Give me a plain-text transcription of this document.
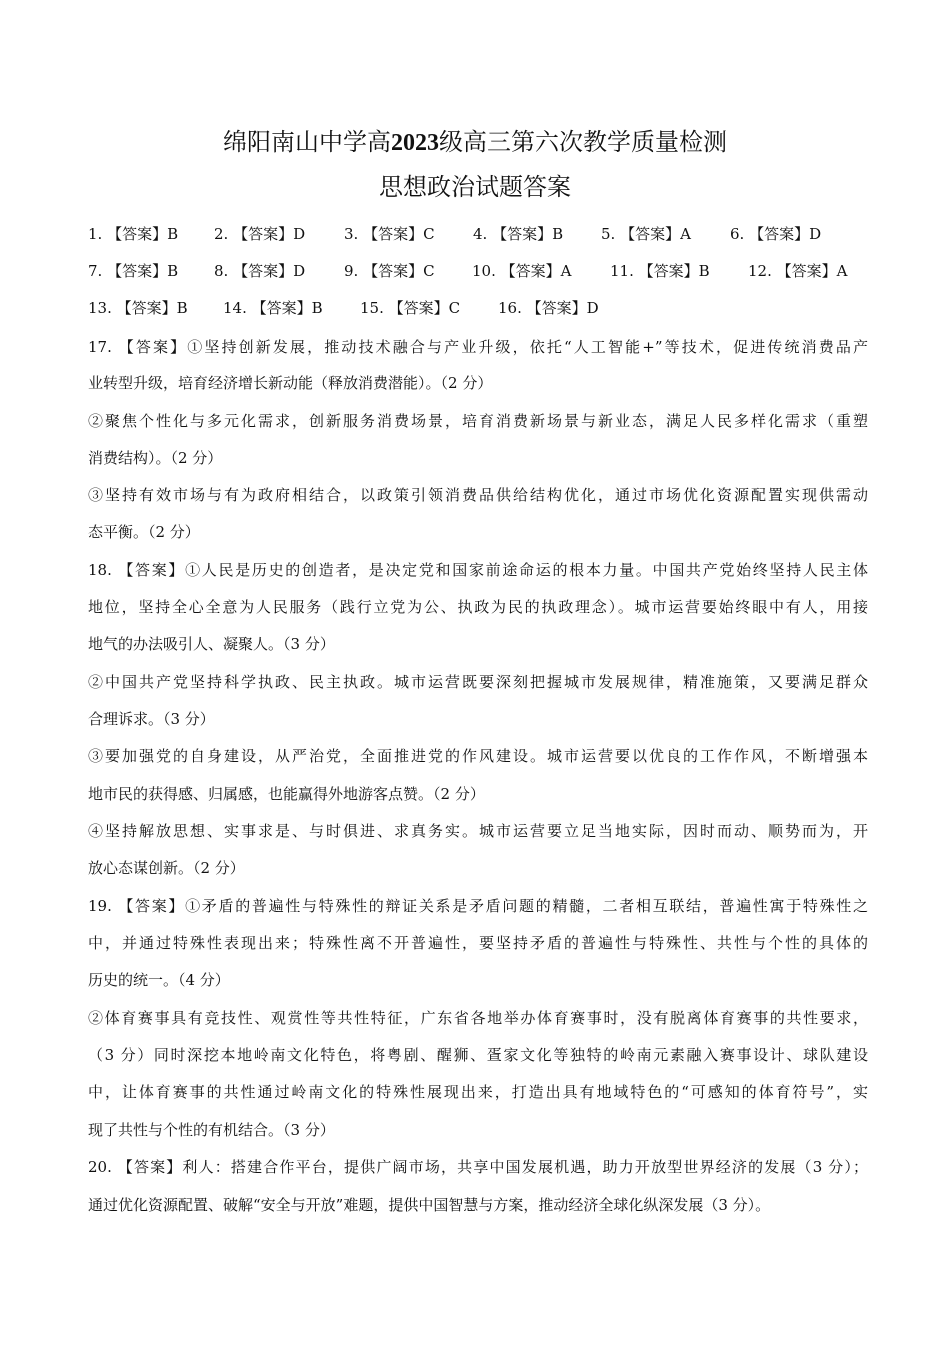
绵阳南山中学高2023级高三第六次教学质量检测
思想政治试题答案
1. 【答案】B 2. 【答案】D	3. 【答案】C	4. 【答案】B	5. 【答案】A	6. 【答案】D
7. 【答案】B 8. 【答案】D	9. 【答案】C 10. 【答案】A	11. 【答案】B	12. 【答案】A
13. 【答案】B 14. 【答案】B 15. 【答案】C	16. 【答案】D
17. 【答案】①坚持创新发展，推动技术融合与产业升级，依托“人工智能+”等技术，促进传统消费品产
业转型升级，培育经济增长新动能（释放消费潜能）。（2 分）
②聚焦个性化与多元化需求，创新服务消费场景，培育消费新场景与新业态，满足人民多样化需求（重塑
消费结构）。（2 分）
③坚持有效市场与有为政府相结合，以政策引领消费品供给结构优化，通过市场优化资源配置实现供需动
态平衡。（2 分）
18. 【答案】①人民是历史的创造者，是决定党和国家前途命运的根本力量。中国共产党始终坚持人民主体
地位，坚持全心全意为人民服务（践行立党为公、执政为民的执政理念）。城市运营要始终眼中有人，用接
地气的办法吸引人、凝聚人。（3 分）
②中国共产党坚持科学执政、民主执政。城市运营既要深刻把握城市发展规律，精准施策，又要满足群众
合理诉求。（3 分）
③要加强党的自身建设，从严治党，全面推进党的作风建设。城市运营要以优良的工作作风，不断增强本
地市民的获得感、归属感，也能赢得外地游客点赞。（2 分）
④坚持解放思想、实事求是、与时俱进、求真务实。城市运营要立足当地实际，因时而动、顺势而为，开
放心态谋创新。（2 分）
19. 【答案】①矛盾的普遍性与特殊性的辩证关系是矛盾问题的精髓，二者相互联结，普遍性寓于特殊性之
中，并通过特殊性表现出来；特殊性离不开普遍性，要坚持矛盾的普遍性与特殊性、共性与个性的具体的
历史的统一。（4 分）
②体育赛事具有竞技性、观赏性等共性特征，广东省各地举办体育赛事时，没有脱离体育赛事的共性要求，
（3 分）同时深挖本地岭南文化特色，将粤剧、醒狮、疍家文化等独特的岭南元素融入赛事设计、球队建设
中，让体育赛事的共性通过岭南文化的特殊性展现出来，打造出具有地域特色的“可感知的体育符号”，实
现了共性与个性的有机结合。（3 分）
20. 【答案】利人：搭建合作平台，提供广阔市场，共享中国发展机遇，助力开放型世界经济的发展（3 分）；
通过优化资源配置、破解“安全与开放”难题，提供中国智慧与方案，推动经济全球化纵深发展（3 分）。
